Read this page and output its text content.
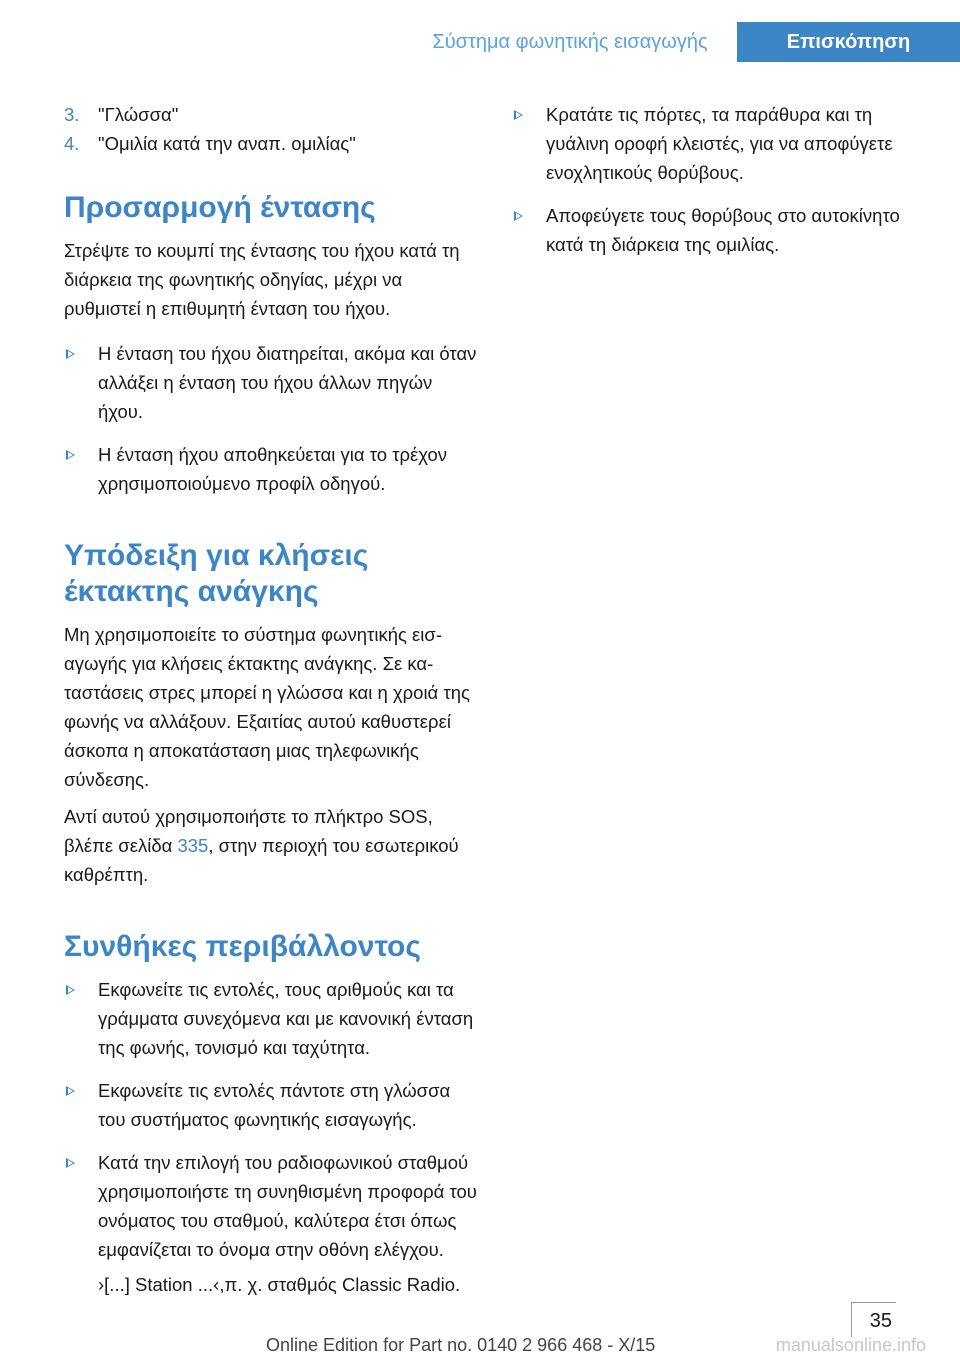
Σύστημα φωνητικής εισαγωγής	Επισκόπηση
3. "Γλώσσα"
4. "Ομιλία κατά την αναπ. ομιλίας"
Προσαρμογή έντασης

Στρέψτε το κουμπί της έντασης του ήχου κατά τη διάρκεια της φωνητικής οδηγίας, μέχρι να ρυθμιστεί η επιθυμητή ένταση του ήχου.

Η ένταση του ήχου διατηρείται, ακόμα και όταν αλλάξει η ένταση του ήχου άλλων πηγών ήχου.
Η ένταση ήχου αποθηκεύεται για το τρέχον χρησιμοποιούμενο προφίλ οδηγού.
Υπόδειξη για κλήσεις έκτακτης ανάγκης

Μη χρησιμοποιείτε το σύστημα φωνητικής εισαγωγής για κλήσεις έκτακτης ανάγκης. Σε καταστάσεις στρες μπορεί η γλώσσα και η χροιά της φωνής να αλλάξουν. Εξαιτίας αυτού καθυστερεί άσκοπα η αποκατάσταση μιας τηλεφωνικής σύνδεσης.

Αντί αυτού χρησιμοποιήστε το πλήκτρο SOS, βλέπε σελίδα 335, στην περιοχή του εσωτερικού καθρέπτη.

Συνθήκες περιβάλλοντος
Εκφωνείτε τις εντολές, τους αριθμούς και τα γράμματα συνεχόμενα και με κανονική ένταση της φωνής, τονισμό και ταχύτητα.
Εκφωνείτε τις εντολές πάντοτε στη γλώσσα του συστήματος φωνητικής εισαγωγής.
Κατά την επιλογή του ραδιοφωνικού σταθμού χρησιμοποιήστε τη συνηθισμένη προφορά του ονόματος του σταθμού, καλύτερα έτσι όπως εμφανίζεται το όνομα στην οθόνη ελέγχου.
›[...] Station ...‹,π. χ. σταθμός Classic Radio.
Κρατάτε τις πόρτες, τα παράθυρα και τη γυάλινη οροφή κλειστές, για να αποφύγετε ενοχλητικούς θορύβους.
Αποφεύγετε τους θορύβους στο αυτοκίνητο κατά τη διάρκεια της ομιλίας.
35
Online Edition for Part no. 0140 2 966 468 - X/15	manualsonline.info
